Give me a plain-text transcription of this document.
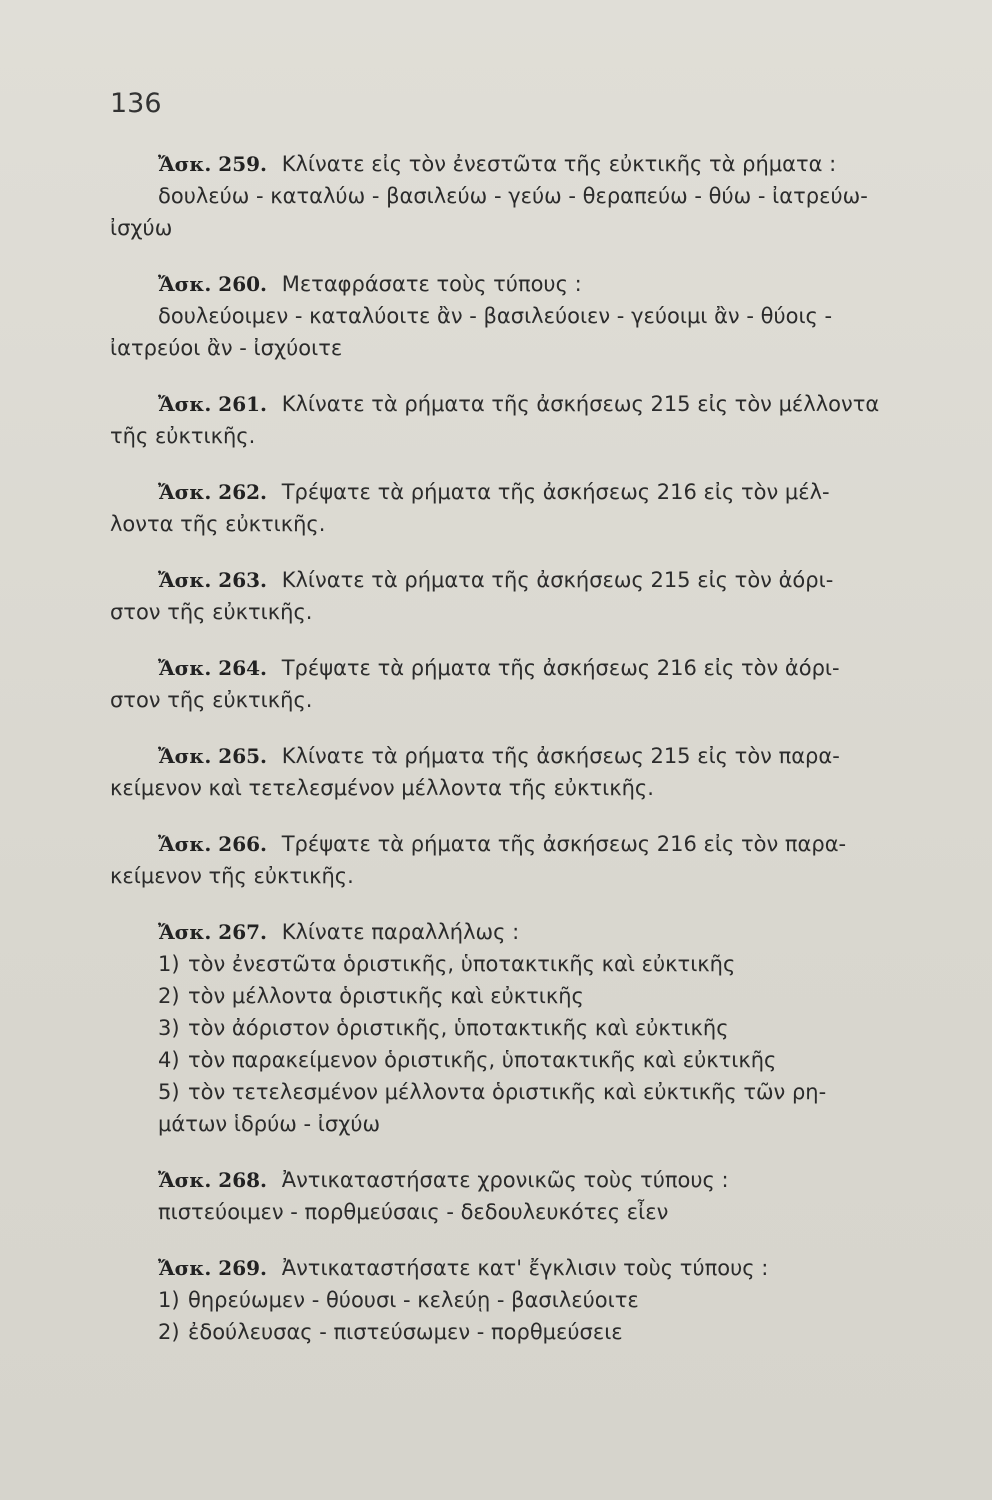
136
Ἄσκ. 259. Κλίνατε εἰς τὸν ἐνεστῶτα τῆς εὐκτικῆς τὰ ρήματα :
δουλεύω - καταλύω - βασιλεύω - γεύω - θεραπεύω - θύω - ἰατρεύω-
ἰσχύω
Ἄσκ. 260. Μεταφράσατε τοὺς τύπους :
δουλεύοιμεν - καταλύοιτε ἂν - βασιλεύοιεν - γεύοιμι ἂν - θύοις -
ἰατρεύοι ἂν - ἰσχύοιτε
Ἄσκ. 261. Κλίνατε τὰ ρήματα τῆς ἀσκήσεως 215 εἰς τὸν μέλλοντα
τῆς εὐκτικῆς.
Ἄσκ. 262. Τρέψατε τὰ ρήματα τῆς ἀσκήσεως 216 εἰς τὸν μέλ-
λοντα τῆς εὐκτικῆς.
Ἄσκ. 263. Κλίνατε τὰ ρήματα τῆς ἀσκήσεως 215 εἰς τὸν ἀόρι-
στον τῆς εὐκτικῆς.
Ἄσκ. 264. Τρέψατε τὰ ρήματα τῆς ἀσκήσεως 216 εἰς τὸν ἀόρι-
στον τῆς εὐκτικῆς.
Ἄσκ. 265. Κλίνατε τὰ ρήματα τῆς ἀσκήσεως 215 εἰς τὸν παρα-
κείμενον καὶ τετελεσμένον μέλλοντα τῆς εὐκτικῆς.
Ἄσκ. 266. Τρέψατε τὰ ρήματα τῆς ἀσκήσεως 216 εἰς τὸν παρα-
κείμενον τῆς εὐκτικῆς.
Ἄσκ. 267. Κλίνατε παραλλήλως :
1) τὸν ἐνεστῶτα ὁριστικῆς, ὑποτακτικῆς καὶ εὐκτικῆς
2) τὸν μέλλοντα ὁριστικῆς καὶ εὐκτικῆς
3) τὸν ἀόριστον ὁριστικῆς, ὑποτακτικῆς καὶ εὐκτικῆς
4) τὸν παρακείμενον ὁριστικῆς, ὑποτακτικῆς καὶ εὐκτικῆς
5) τὸν τετελεσμένον μέλλοντα ὁριστικῆς καὶ εὐκτικῆς τῶν ρη-
μάτων ἱδρύω - ἰσχύω
Ἄσκ. 268. Ἀντικαταστήσατε χρονικῶς τοὺς τύπους :
πιστεύοιμεν - πορθμεύσαις - δεδουλευκότες εἶεν
Ἄσκ. 269. Ἀντικαταστήσατε κατ' ἔγκλισιν τοὺς τύπους :
1) θηρεύωμεν - θύουσι - κελεύῃ - βασιλεύοιτε
2) ἐδούλευσας - πιστεύσωμεν - πορθμεύσειε
